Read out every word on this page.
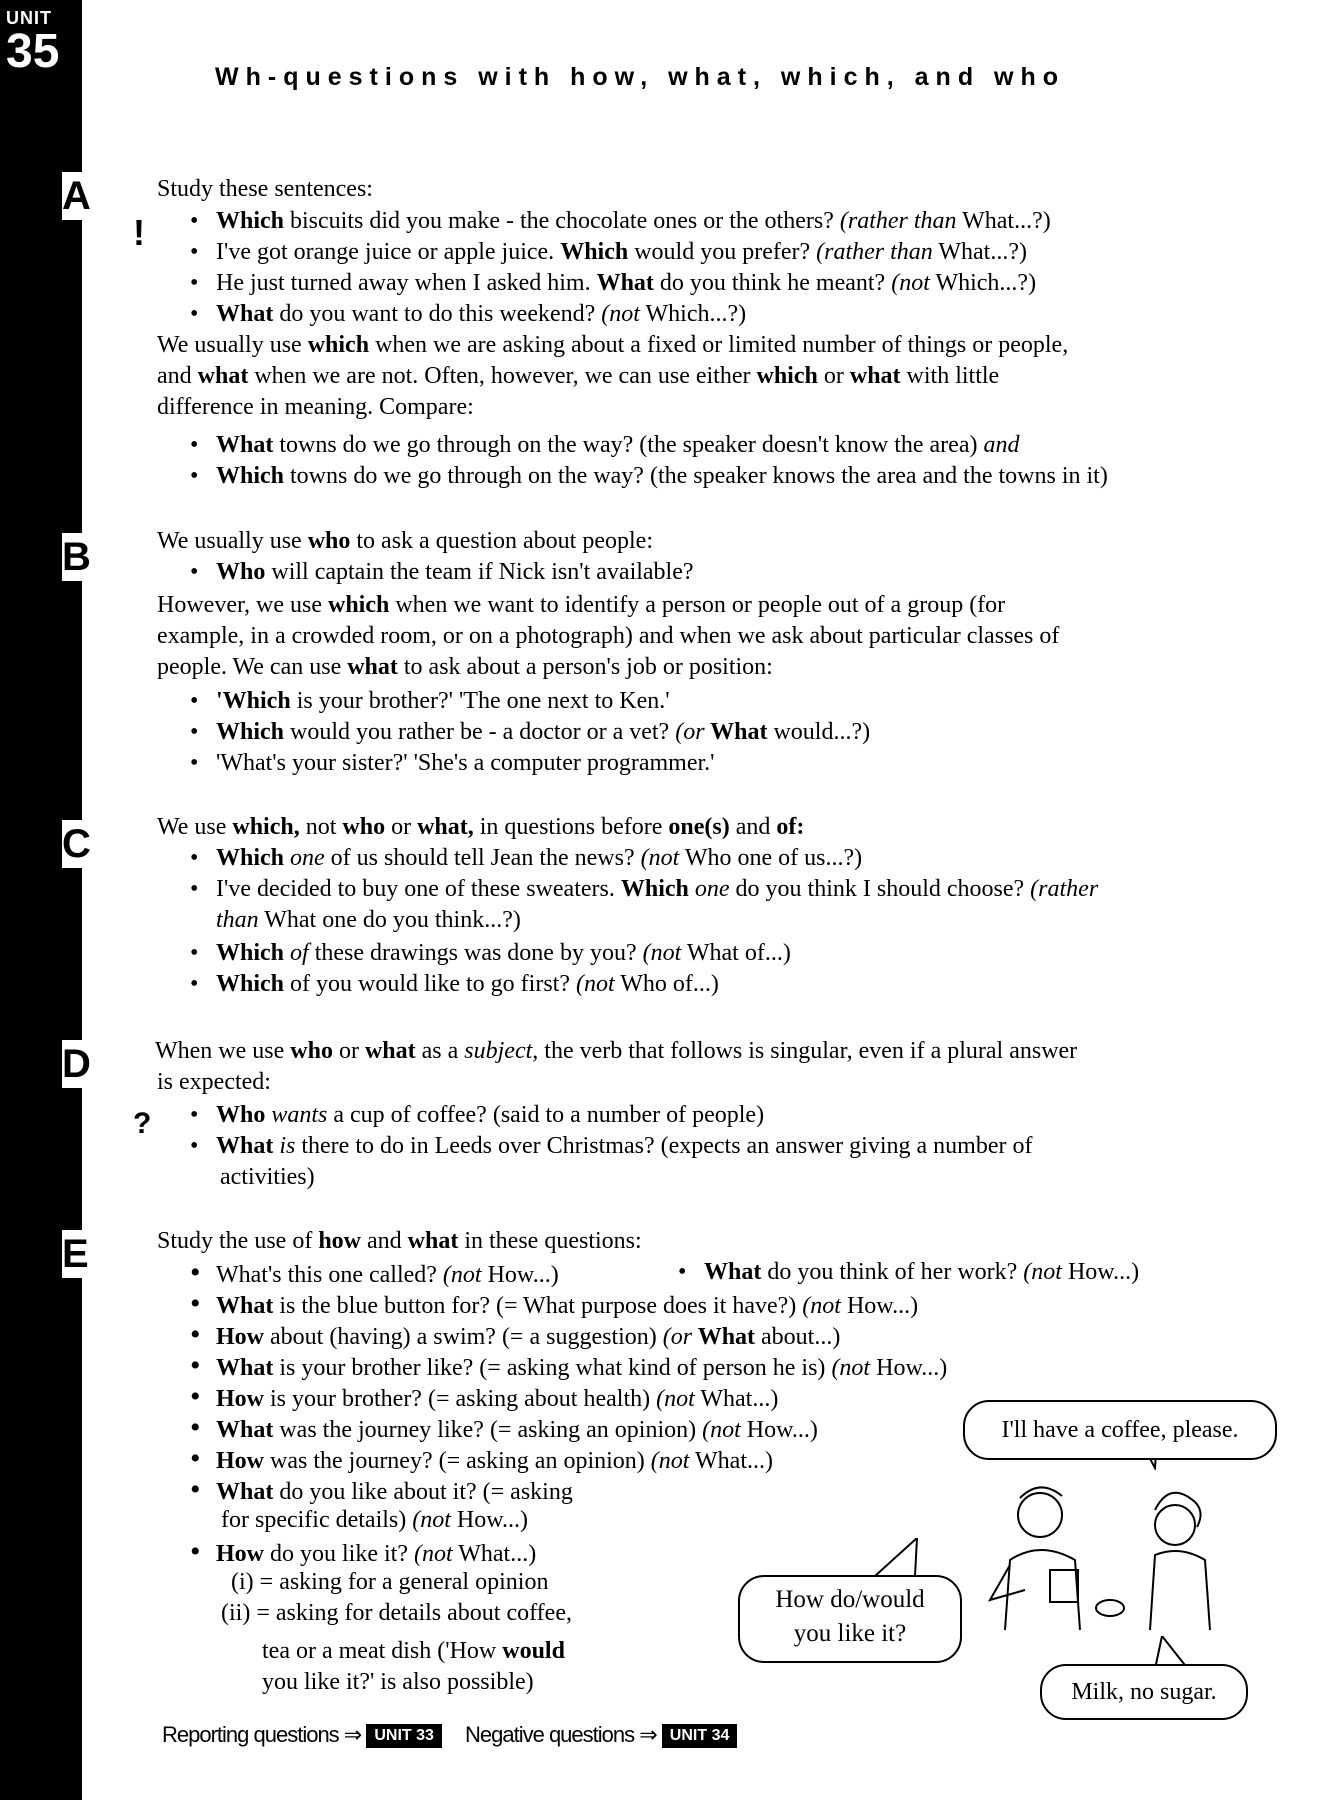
UNIT
35
A
B
C
D
E
Wh-questions with how, what, which, and who
!
?
Study these sentences:
• Which biscuits did you make - the chocolate ones or the others? (rather than What...?)
• I've got orange juice or apple juice. Which would you prefer? (rather than What...?)
• He just turned away when I asked him. What do you think he meant? (not Which...?)
• What do you want to do this weekend? (not Which...?)
We usually use which when we are asking about a fixed or limited number of things or people,
and what when we are not. Often, however, we can use either which or what with little
difference in meaning. Compare:
• What towns do we go through on the way? (the speaker doesn't know the area) and
• Which towns do we go through on the way? (the speaker knows the area and the towns in it)
We usually use who to ask a question about people:
• Who will captain the team if Nick isn't available?
However, we use which when we want to identify a person or people out of a group (for
example, in a crowded room, or on a photograph) and when we ask about particular classes of
people. We can use what to ask about a person's job or position:
• 'Which is your brother?' 'The one next to Ken.'
• Which would you rather be - a doctor or a vet? (or What would...?)
• 'What's your sister?' 'She's a computer programmer.'
We use which, not who or what, in questions before one(s) and of:
• Which one of us should tell Jean the news? (not Who one of us...?)
• I've decided to buy one of these sweaters. Which one do you think I should choose? (rather
than What one do you think...?)
• Which of these drawings was done by you? (not What of...)
• Which of you would like to go first? (not Who of...)
When we use who or what as a subject, the verb that follows is singular, even if a plural answer
is expected:
• Who wants a cup of coffee? (said to a number of people)
• What is there to do in Leeds over Christmas? (expects an answer giving a number of
activities)
Study the use of how and what in these questions:
• What's this one called? (not How...)	• What do you think of her work? (not How...)
• What is the blue button for? (= What purpose does it have?) (not How...)
• How about (having) a swim? (= a suggestion) (or What about...)
• What is your brother like? (= asking what kind of person he is) (not How...)
• How is your brother? (= asking about health) (not What...)
• What was the journey like? (= asking an opinion) (not How...)
• How was the journey? (= asking an opinion) (not What...)
• What do you like about it? (= asking
for specific details) (not How...)
• How do you like it? (not What...)
(i) = asking for a general opinion
(ii) = asking for details about coffee,
tea or a meat dish ('How would
you like it?' is also possible)
I'll have a coffee, please.
How do/would
you like it?
Milk, no sugar.
Reporting questions ⇒ UNIT 33	Negative questions ⇒ UNIT 34
